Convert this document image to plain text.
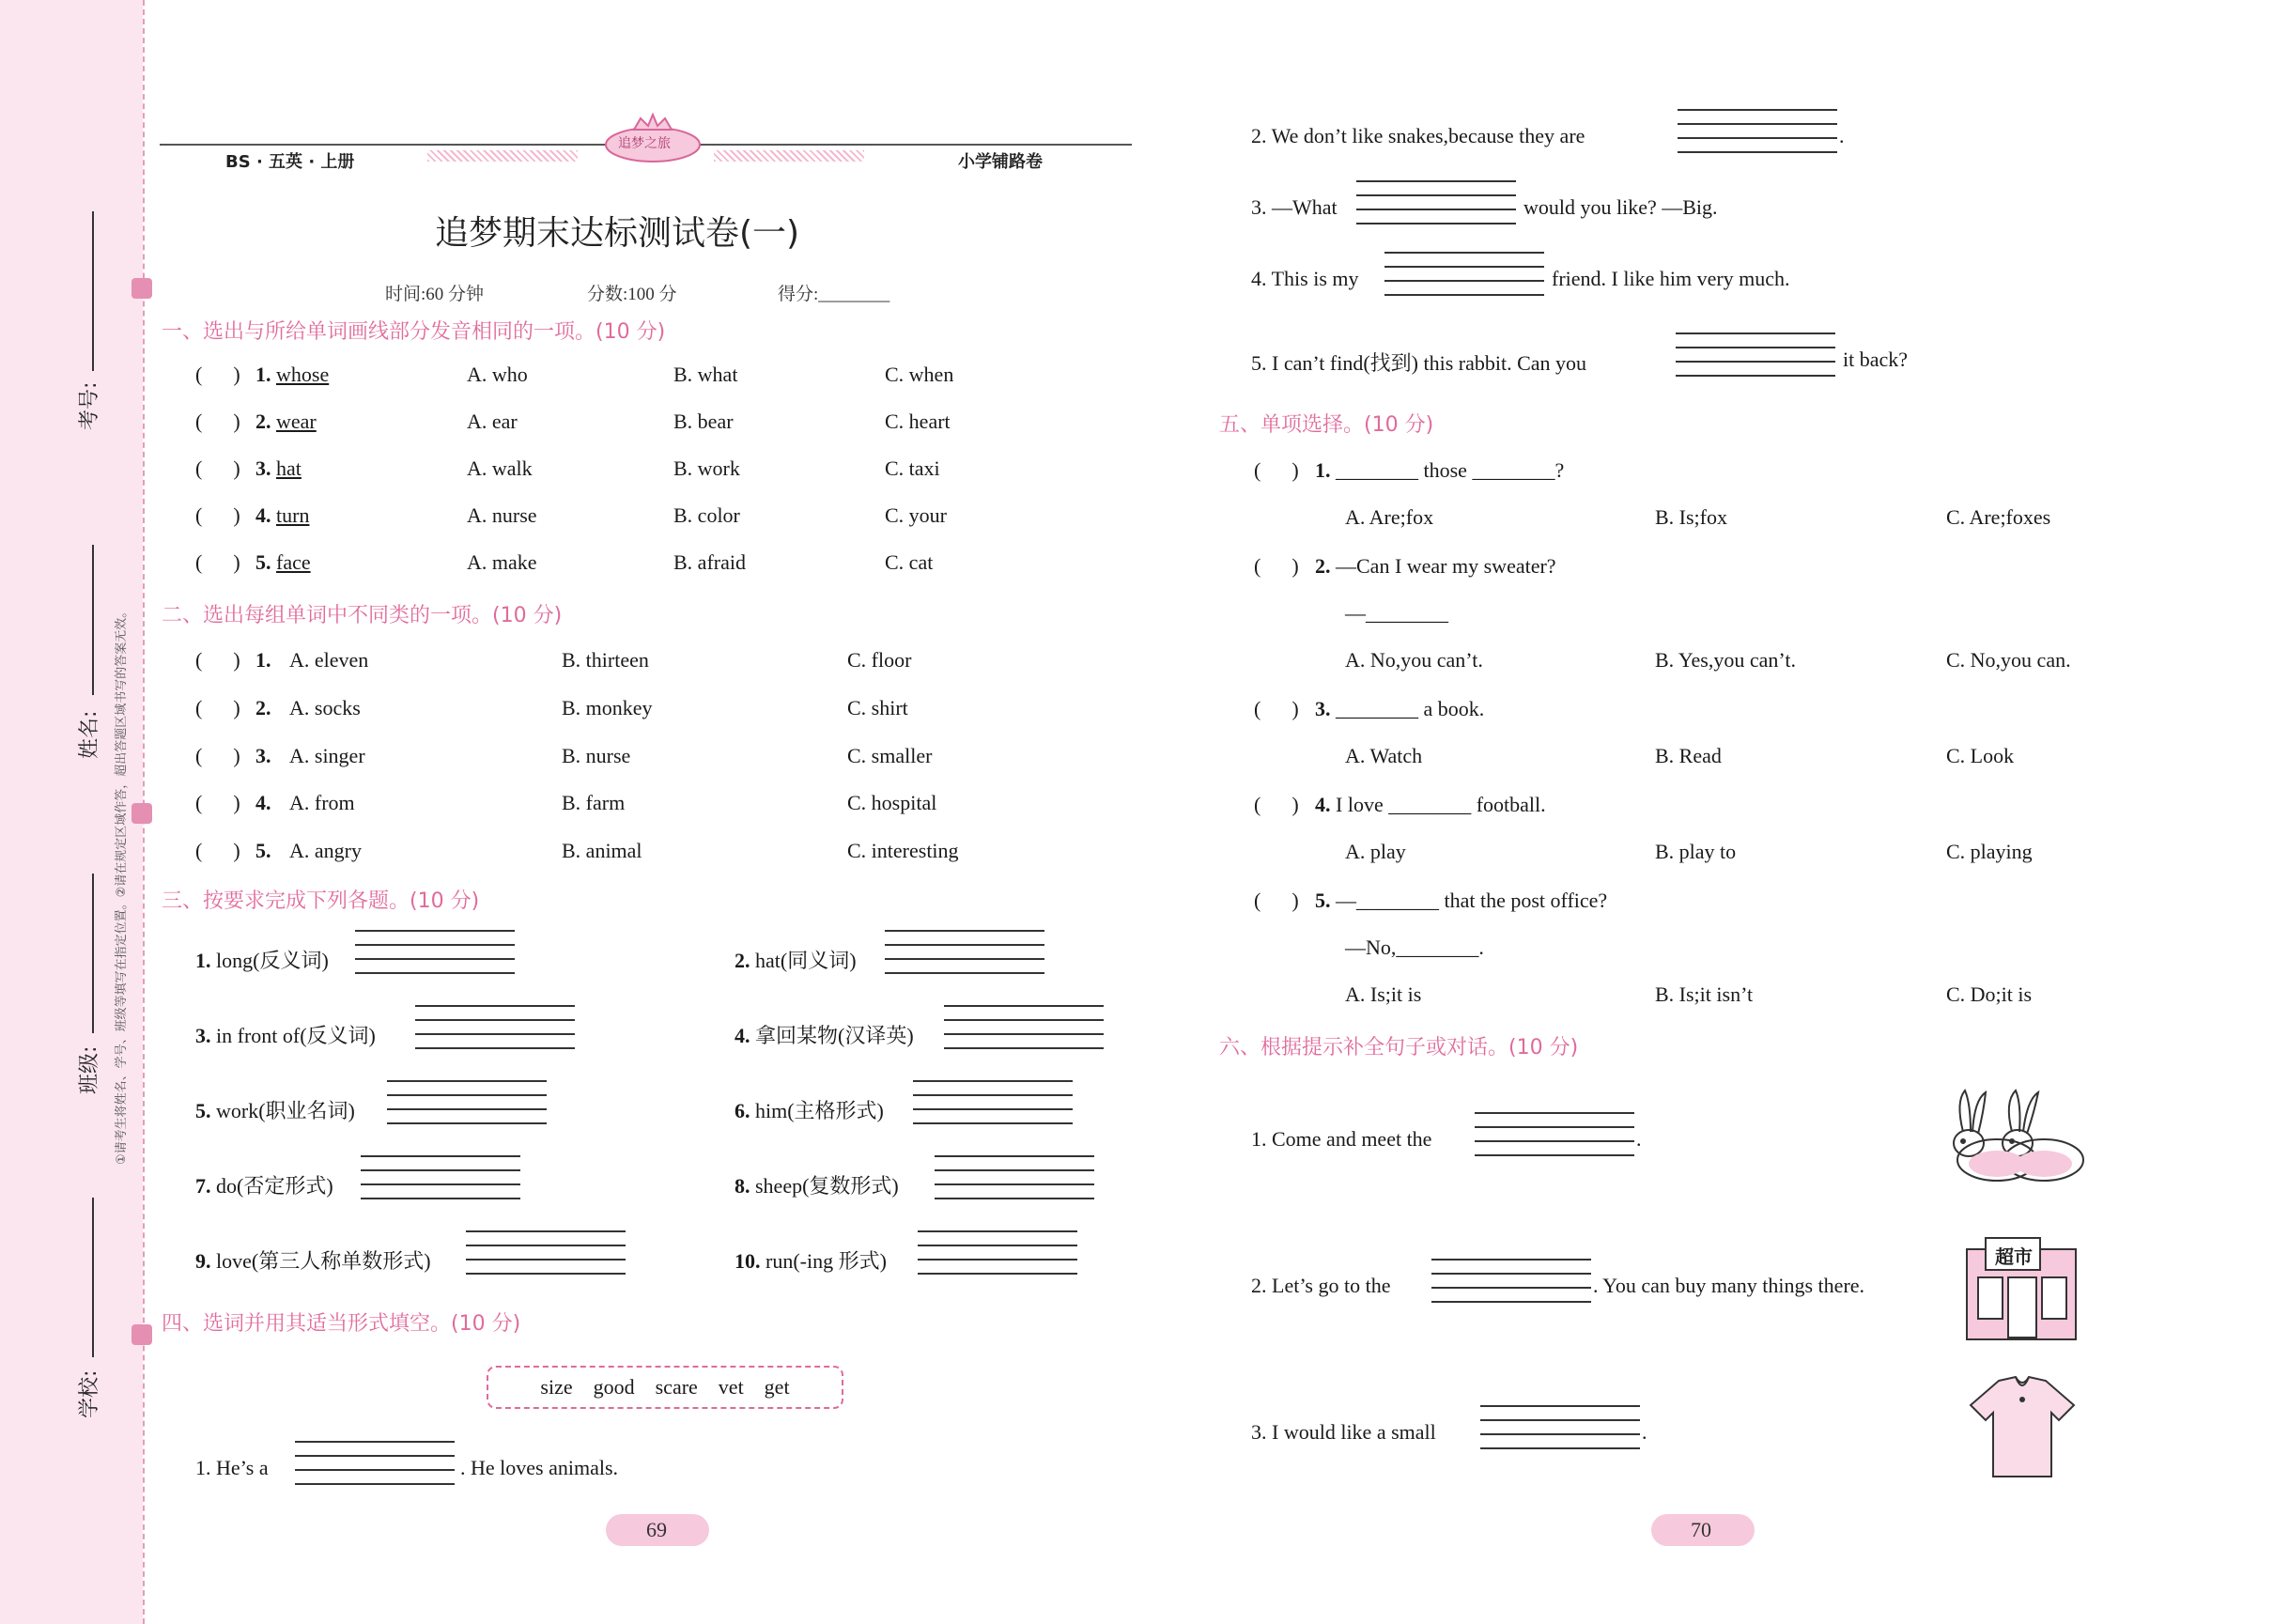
考号:
姓名:
班级:
学校:
①请考生将姓名、学号、班级等填写在指定位置。②请在规定区域作答，超出答题区域书写的答案无效。
BS · 五英 · 上册	小学铺路卷
追梦之旅
追梦期末达标测试卷(一)
时间:60 分钟	分数:100 分	得分:________
一、选出与所给单词画线部分发音相同的一项。(10 分)
(      ) 1. whose	A. who	B. what	C. when
(      ) 2. wear	A. ear	B. bear	C. heart
(      ) 3. hat	A. walk	B. work	C. taxi
(      ) 4. turn	A. nurse	B. color	C. your
(      ) 5. face	A. make	B. afraid	C. cat
二、选出每组单词中不同类的一项。(10 分)
(      ) 1. A. eleven	B. thirteen	C. floor
(      ) 2. A. socks	B. monkey	C. shirt
(      ) 3. A. singer	B. nurse	C. smaller
(      ) 4. A. from	B. farm	C. hospital
(      ) 5. A. angry	B. animal	C. interesting
三、按要求完成下列各题。(10 分)
1. long(反义词)	2. hat(同义词)
3. in front of(反义词)	4. 拿回某物(汉译英)
5. work(职业名词)	6. him(主格形式)
7. do(否定形式)	8. sheep(复数形式)
9. love(第三人称单数形式)	10. run(-ing 形式)
四、选词并用其适当形式填空。(10 分)
size    good    scare    vet    get
1. He’s a	. He loves animals.
69
2. We don’t like snakes,because they are	.
3. —What	would you like? —Big.
4. This is my	friend. I like him very much.
5. I can’t find(找到) this rabbit. Can you	it back?
五、单项选择。(10 分)
(      ) 1. ________ those ________?
A. Are;fox	B. Is;fox	C. Are;foxes
(      ) 2. —Can I wear my sweater?
—________
A. No,you can’t.	B. Yes,you can’t.	C. No,you can.
(      ) 3. ________ a book.
A. Watch	B. Read	C. Look
(      ) 4. I love ________ football.
A. play	B. play to	C. playing
(      ) 5. —________ that the post office?
—No,________.
A. Is;it is	B. Is;it isn’t	C. Do;it is
六、根据提示补全句子或对话。(10 分)
1. Come and meet the	.
2. Let’s go to the	. You can buy many things there.
超市
3. I would like a small	.
70
